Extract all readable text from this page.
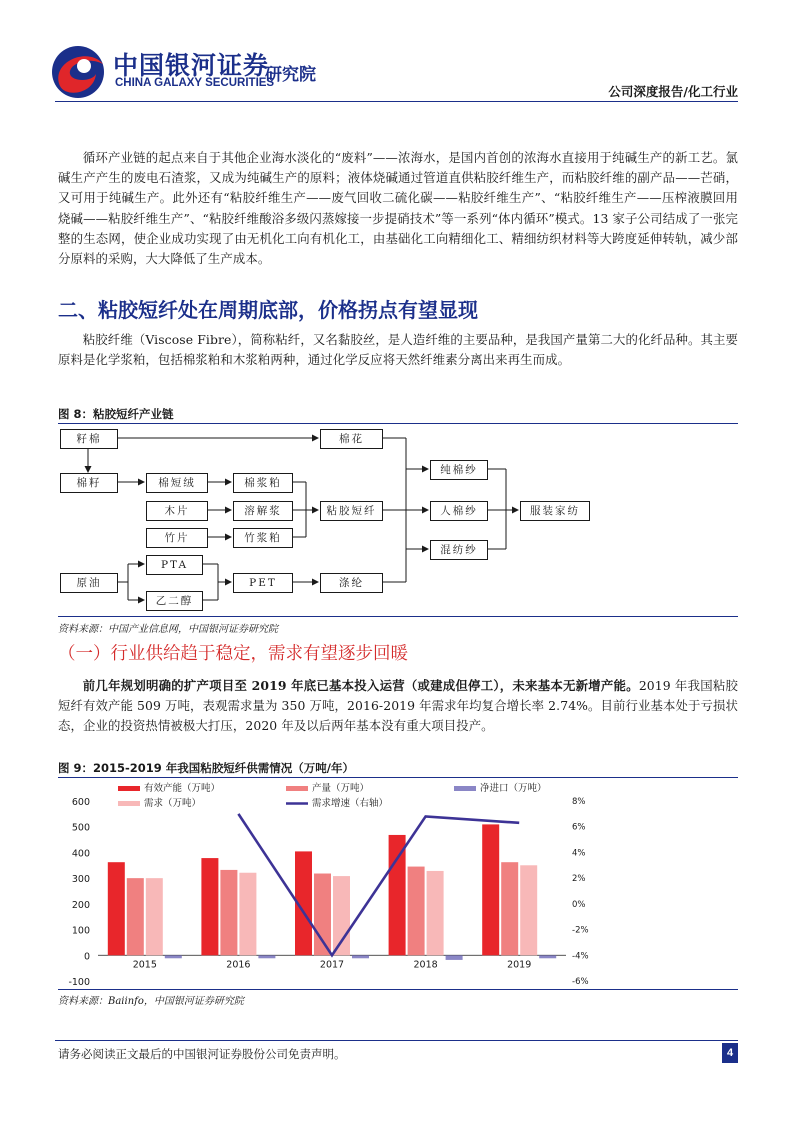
中国银河证券
CHINA GALAXY SECURITIES
研究院
公司深度报告/化工行业

循环产业链的起点来自于其他企业海水淡化的“废料”——浓海水，是国内首创的浓海水直接用于纯碱生产的新工艺。氯碱生产产生的废电石渣浆，又成为纯碱生产的原料；液体烧碱通过管道直供粘胶纤维生产，而粘胶纤维的副产品——芒硝，又可用于纯碱生产。此外还有“粘胶纤维生产——废气回收二硫化碳——粘胶纤维生产”、“粘胶纤维生产——压榨液膜回用烧碱——粘胶纤维生产”、“粘胶纤维酸浴多级闪蒸嫁接一步提硝技术”等一系列“体内循环”模式。13 家子公司结成了一张完整的生态网，使企业成功实现了由无机化工向有机化工，由基础化工向精细化工、精细纺织材料等大跨度延伸转轨，减少部分原料的采购，大大降低了生产成本。

二、粘胶短纤处在周期底部，价格拐点有望显现

粘胶纤维（Viscose Fibre），简称粘纤，又名黏胶丝，是人造纤维的主要品种，是我国产量第二大的化纤品种。其主要原料是化学浆粕，包括棉浆粕和木浆粕两种，通过化学反应将天然纤维素分离出来再生而成。

图 8：粘胶短纤产业链
籽棉	棉花
棉籽	棉短绒	棉浆粕
木片	溶解浆
竹片	竹浆粕
粘胶短纤
纯棉纱
人棉纱
混纺纱
服装家纺
PTA
原油
乙二醇
PET	涤纶
资料来源：中国产业信息网，中国银河证券研究院
（一）行业供给趋于稳定，需求有望逐步回暖

前几年规划明确的扩产项目至 2019 年底已基本投入运营（或建成但停工），未来基本无新增产能。2019 年我国粘胶短纤有效产能 509 万吨，表观需求量为 350 万吨，2016-2019 年需求年均复合增长率 2.74%。目前行业基本处于亏损状态，企业的投资热情被极大打压，2020 年及以后两年基本没有重大项目投产。

图 9：2015-2019 年我国粘胶短纤供需情况（万吨/年）
600
500
400
300
200
100
0
-100
8%
6%
4%
2%
0%
-2%
-4%
-6%
2015	2016	2017	2018	2019
有效产能（万吨）	产量（万吨）	净进口（万吨）
需求（万吨）	需求增速（右轴）
资料来源：Baiinfo，中国银河证券研究院
请务必阅读正文最后的中国银河证券股份公司免责声明。	4
